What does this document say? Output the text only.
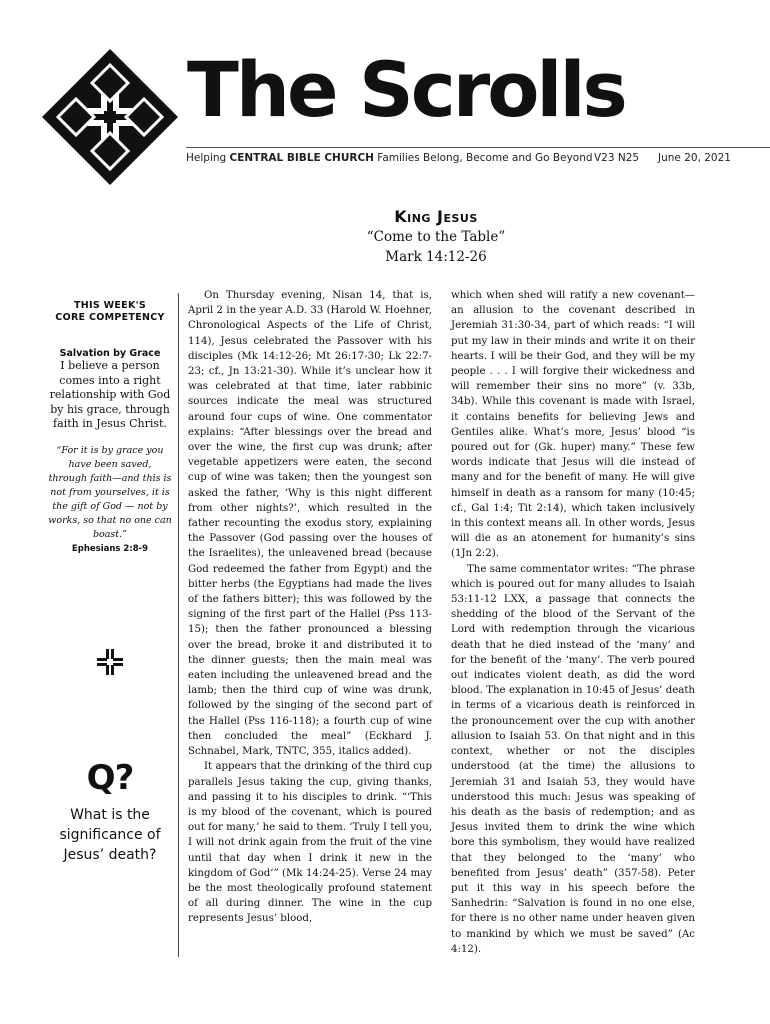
The Scrolls
Helping CENTRAL BIBLE CHURCH Families Belong, Become and Go Beyond V23 N25 June 20, 2021
King Jesus
“Come to the Table”
Mark 14:12-26
THIS WEEK'S
CORE COMPETENCY
Salvation by Grace
I believe a person comes into a right relationship with God by his grace, through faith in Jesus Christ.
“For it is by grace you have been saved, through faith—and this is not from yourselves, it is the gift of God — not by works, so that no one can boast.”
Ephesians 2:8-9
Q?
What is the significance of Jesus’ death?

On Thursday evening, Nisan 14, that is, April 2 in the year A.D. 33 (Harold W. Hoehner, Chronological Aspects of the Life of Christ, 114), Jesus celebrated the Passover with his disciples (Mk 14:12-26; Mt 26:17-30; Lk 22:7-23; cf., Jn 13:21-30). While it’s unclear how it was celebrated at that time, later rabbinic sources indicate the meal was structured around four cups of wine. One commentator explains: “After blessings over the bread and over the wine, the first cup was drunk; after vegetable appetizers were eaten, the second cup of wine was taken; then the youngest son asked the father, ‘Why is this night different from other nights?’, which resulted in the father recounting the exodus story, explaining the Passover (God passing over the houses of the Israelites), the unleavened bread (because God redeemed the father from Egypt) and the bitter herbs (the Egyptians had made the lives of the fathers bitter); this was followed by the signing of the first part of the Hallel (Pss 113-15); then the father pronounced a blessing over the bread, broke it and distributed it to the dinner guests; then the main meal was eaten including the unleavened bread and the lamb; then the third cup of wine was drunk, followed by the singing of the second part of the Hallel (Pss 116-118); a fourth cup of wine then concluded the meal” (Eckhard J. Schnabel, Mark, TNTC, 355, italics added).

It appears that the drinking of the third cup parallels Jesus taking the cup, giving thanks, and passing it to his disciples to drink. “‘This is my blood of the covenant, which is poured out for many,’ he said to them. ‘Truly I tell you, I will not drink again from the fruit of the vine until that day when I drink it new in the kingdom of God’” (Mk 14:24-25). Verse 24 may be the most theologically profound statement of all during dinner. The wine in the cup represents Jesus’ blood,

which when shed will ratify a new covenant—an allusion to the covenant described in Jeremiah 31:30-34, part of which reads: “I will put my law in their minds and write it on their hearts. I will be their God, and they will be my people . . . I will forgive their wickedness and will remember their sins no more” (v. 33b, 34b). While this covenant is made with Israel, it contains benefits for believing Jews and Gentiles alike. What’s more, Jesus’ blood “is poured out for (Gk. huper) many.” These few words indicate that Jesus will die instead of many and for the benefit of many. He will give himself in death as a ransom for many (10:45; cf., Gal 1:4; Tit 2:14), which taken inclusively in this context means all. In other words, Jesus will die as an atonement for humanity’s sins (1Jn 2:2).

The same commentator writes: “The phrase which is poured out for many alludes to Isaiah 53:11-12 LXX, a passage that connects the shedding of the blood of the Servant of the Lord with redemption through the vicarious death that he died instead of the ‘many’ and for the benefit of the ‘many’. The verb poured out indicates violent death, as did the word blood. The explanation in 10:45 of Jesus’ death in terms of a vicarious death is reinforced in the pronouncement over the cup with another allusion to Isaiah 53. On that night and in this context, whether or not the disciples understood (at the time) the allusions to Jeremiah 31 and Isaiah 53, they would have understood this much: Jesus was speaking of his death as the basis of redemption; and as Jesus invited them to drink the wine which bore this symbolism, they would have realized that they belonged to the ‘many’ who benefited from Jesus’ death” (357-58). Peter put it this way in his speech before the Sanhedrin: “Salvation is found in no one else, for there is no other name under heaven given to mankind by which we must be saved” (Ac 4:12).
